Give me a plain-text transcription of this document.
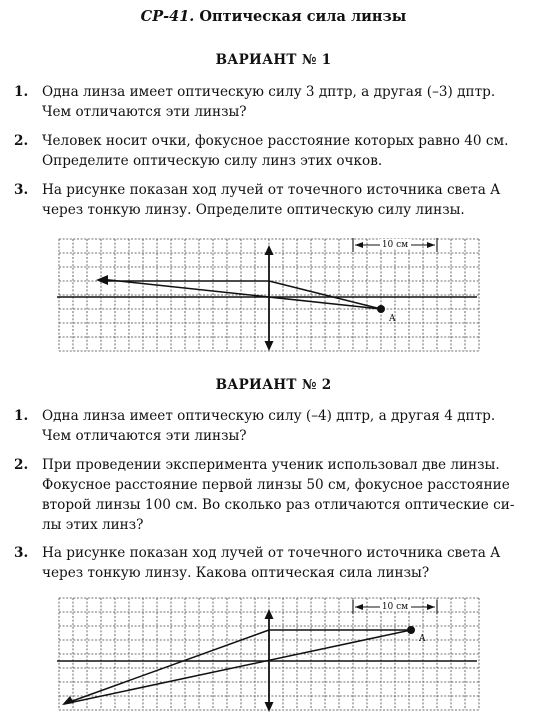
СР-41. Оптическая сила линзы
ВАРИАНТ № 1
1. Одна линза имеет оптическую силу 3 дптр, а другая (–3) дптр.
Чем отличаются эти линзы?
2. Человек носит очки, фокусное расстояние которых равно 40 см.
Определите оптическую силу линз этих очков.
3. На рисунке показан ход лучей от точечного источника света A
через тонкую линзу. Определите оптическую силу линзы.
A
10 см
ВАРИАНТ № 2
1. Одна линза имеет оптическую силу (–4) дптр, а другая 4 дптр.
Чем отличаются эти линзы?
2. При проведении эксперимента ученик использовал две линзы.
Фокусное расстояние первой линзы 50 см, фокусное расстояние
второй линзы 100 см. Во сколько раз отличаются оптические си-
лы этих линз?
3. На рисунке показан ход лучей от точечного источника света A
через тонкую линзу. Какова оптическая сила линзы?
A
10 см
